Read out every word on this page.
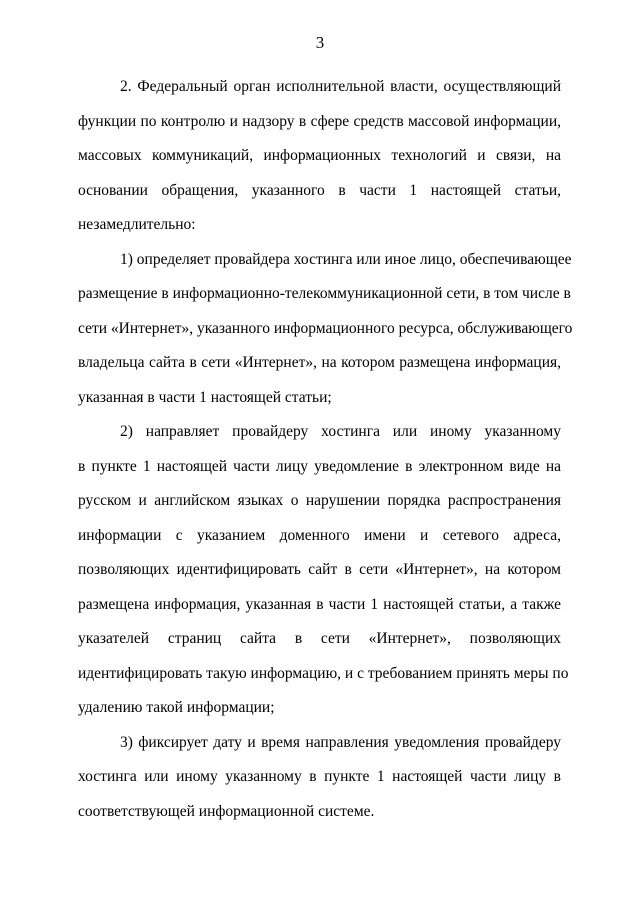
3

2. Федеральный орган исполнительной власти, осуществляющий
функции по контролю и надзору в сфере средств массовой информации,
массовых коммуникаций, информационных технологий и связи, на
основании обращения, указанного в части 1 настоящей статьи,
незамедлительно:

1) определяет провайдера хостинга или иное лицо, обеспечивающее
размещение в информационно-телекоммуникационной сети, в том числе в
сети «Интернет», указанного информационного ресурса, обслуживающего
владельца сайта в сети «Интернет», на котором размещена информация,
указанная в части 1 настоящей статьи;

2) направляет провайдеру хостинга или иному указанному
в пункте 1 настоящей части лицу уведомление в электронном виде на
русском и английском языках о нарушении порядка распространения
информации с указанием доменного имени и сетевого адреса,
позволяющих идентифицировать сайт в сети «Интернет», на котором
размещена информация, указанная в части 1 настоящей статьи, а также
указателей страниц сайта в сети «Интернет», позволяющих
идентифицировать такую информацию, и с требованием принять меры по
удалению такой информации;

3) фиксирует дату и время направления уведомления провайдеру
хостинга или иному указанному в пункте 1 настоящей части лицу в
соответствующей информационной системе.
